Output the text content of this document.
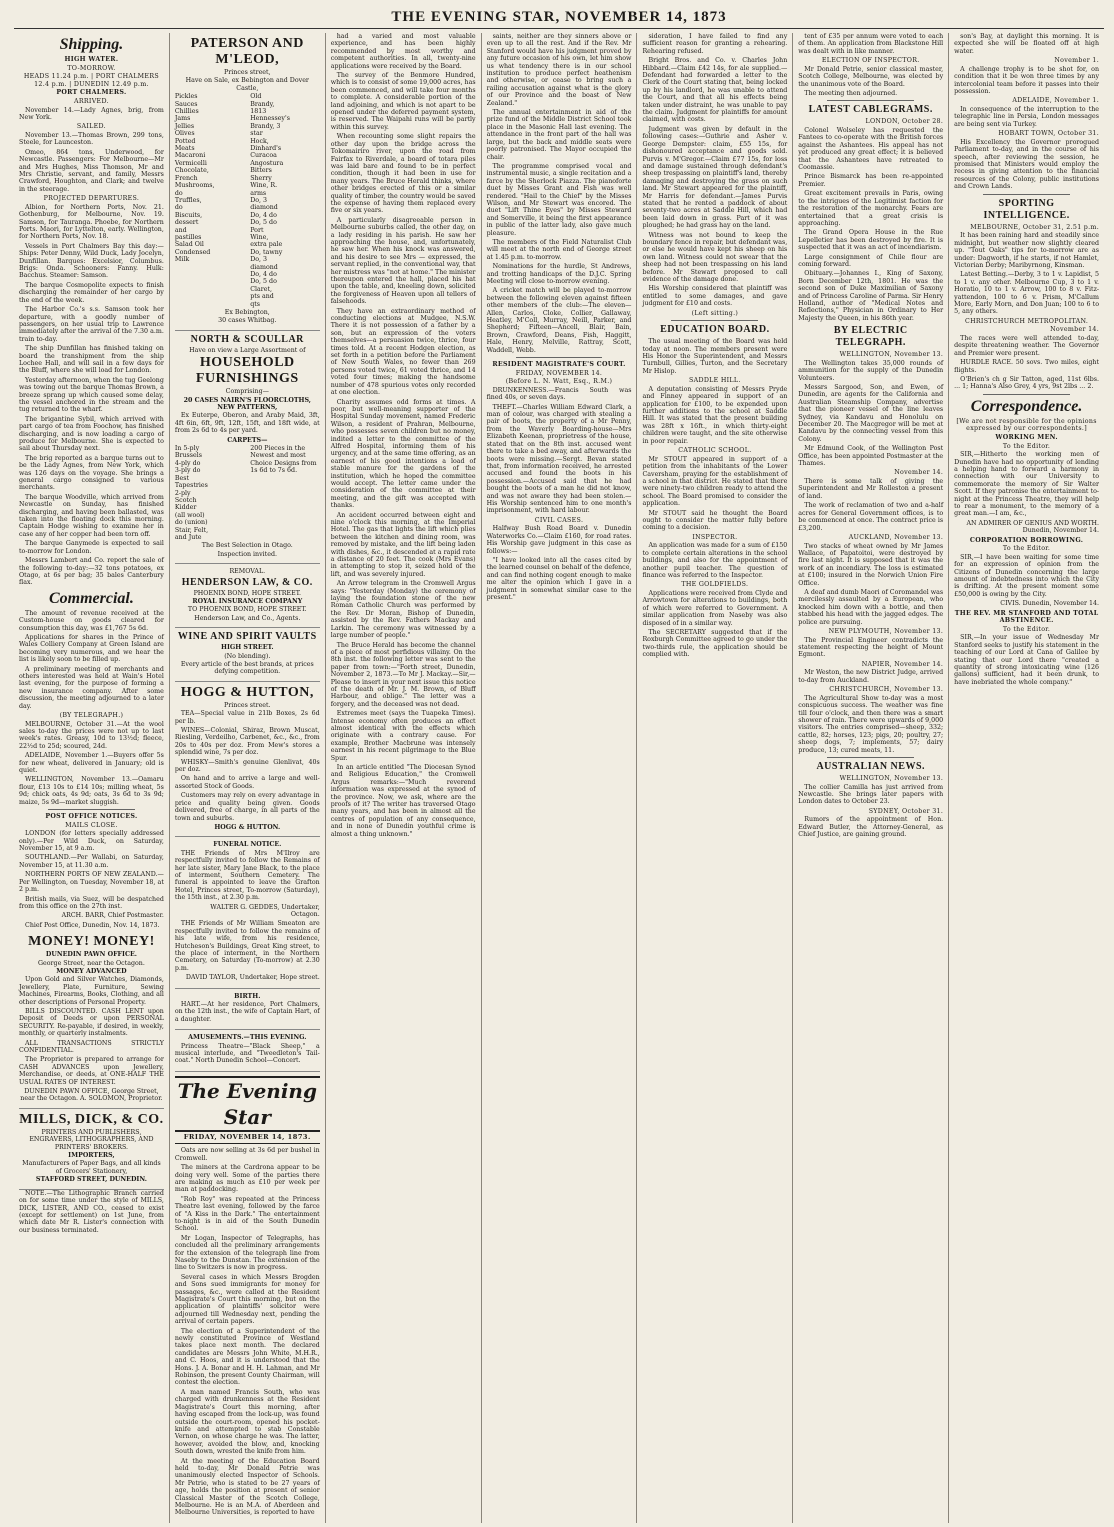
THE EVENING STAR, NOVEMBER 14, 1873
Shipping.
HIGH WATER.
TO-MORROW.
HEADS 11.24 p.m. | PORT CHALMERS 12.4 p.m. | DUNEDIN 12.49 p.m.
PORT CHALMERS.
ARRIVED.

November 14.—Lady Agnes, brig, from New York.

SAILED.

November 13.—Thomas Brown, 299 tons, Steele, for Launceston.

Omeo, 864 tons, Underwood, for Newcastle. Passengers: For Melbourne—Mr and Mrs Hughes, Miss Thomson, Mr and Mrs Christie, servant, and family, Messrs Crawford, Houghton, and Clark; and twelve in the steerage.

PROJECTED DEPARTURES.

Albion, for Northern Ports, Nov. 21. Gothenburg, for Melbourne, Nov. 19. Samson, for Tauranga. Phoebe, for Northern Ports. Maori, for Lyttelton, early. Wellington, for Northern Ports, Nov. 18.

Vessels in Port Chalmers Bay this day:—Ships: Peter Denny, Wild Duck, Lady Jocelyn, Dunfillan. Barques: Excelsior, Columbus. Brigs: Onda. Schooners: Fanny. Hulk: Bacchus. Steamer: Samson.

The barque Cosmopolite expects to finish discharging the remainder of her cargo by the end of the week.

The Harbor Co.'s s.s. Samson took her departure, with a goodly number of passengers, on her usual trip to Lawrence immediately after the arrival of the 7.30 a.m. train to-day.

The ship Dunfillan has finished taking on board the transhipment from the ship Lochee Hall, and will sail in a few days for the Bluff, where she will load for London.

Yesterday afternoon, when the tug Geelong was towing out the barque Thomas Brown, a breeze sprang up which caused some delay, the vessel anchored in the stream and the tug returned to the wharf.

The brigantine Sybil, which arrived with part cargo of tea from Foochow, has finished discharging, and is now loading a cargo of produce for Melbourne. She is expected to sail about Thursday next.

The brig reported as a barque turns out to be the Lady Agnes, from New York, which was 126 days on the voyage. She brings a general cargo consigned to various merchants.

The barque Woodville, which arrived from Newcastle on Sunday, has finished discharging, and having been ballasted, was taken into the floating dock this morning. Captain Hodge wishing to examine her in case any of her copper had been torn off.

The barque Ganymede is expected to sail to-morrow for London.

Messrs Lambert and Co. report the sale of the following to-day:—32 tons potatoes, ex Otago, at 6s per bag; 35 bales Canterbury flax.

Commercial.

The amount of revenue received at the Custom-house on goods cleared for consumption this day, was £1,767 5s 6d.

Applications for shares in the Prince of Wales Colliery Company at Green Island are becoming very numerous, and we hear the list is likely soon to be filled up.

A preliminary meeting of merchants and others interested was held at Wain's Hotel last evening, for the purpose of forming a new insurance company. After some discussion, the meeting adjourned to a later day.

(BY TELEGRAPH.)

MELBOURNE, October 31.—At the wool sales to-day the prices were not up to last week's rates. Greasy, 10d to 13½d; fleece, 22½d to 25d; scoured, 24d.

ADELAIDE, November 1.—Buyers offer 5s for new wheat, delivered in January; old is quiet.

WELLINGTON, November 13.—Oamaru flour, £13 10s to £14 10s; milling wheat, 5s 9d; chick oats, 4s 9d; oats, 3s 6d to 3s 9d; maize, 5s 9d—market sluggish.

POST OFFICE NOTICES.
MAILS CLOSE.

LONDON (for letters specially addressed only).—Per Wild Duck, on Saturday, November 15, at 9 a.m.

SOUTHLAND.—Per Wallabi, on Saturday, November 15, at 11.30 a.m.

NORTHERN PORTS OF NEW ZEALAND.—Per Wellington, on Tuesday, November 18, at 2 p.m.

British mails, via Suez, will be despatched from this office on the 27th inst.

ARCH. BARR, Chief Postmaster.

Chief Post Office, Dunedin, Nov. 14, 1873.

MONEY! MONEY!
DUNEDIN PAWN OFFICE.
George Street, near the Octagon.
MONEY ADVANCED

Upon Gold and Silver Watches, Diamonds, Jewellery, Plate, Furniture, Sewing Machines, Firearms, Books, Clothing, and all other descriptions of Personal Property.

BILLS DISCOUNTED. CASH LENT upon Deposit of Deeds or upon PERSONAL SECURITY. Re-payable, if desired, in weekly, monthly, or quarterly instalments.

ALL TRANSACTIONS STRICTLY CONFIDENTIAL.

The Proprietor is prepared to arrange for CASH ADVANCES upon Jewellery, Merchandise, or deeds, at ONE-HALF THE USUAL RATES OF INTEREST.

DUNEDIN PAWN OFFICE, George Street, near the Octagon. A. SOLOMON, Proprietor.
MILLS, DICK, & CO.
PRINTERS AND PUBLISHERS, ENGRAVERS, LITHOGRAPHERS, AND PRINTERS' BROKERS.
IMPORTERS,
Manufacturers of Paper Bags, and all kinds of Grocers' Stationery,
STAFFORD STREET, DUNEDIN.

NOTE.—The Lithographic Branch carried on for some time under the style of MILLS, DICK, LISTER, AND CO., ceased to exist (except for settlement) on 1st June, from which date Mr R. Lister's connection with our business terminated.

PATERSON AND M'LEOD,
Princes street,
Have on Sale, ex Bebington and Dover Castle,
Pickles
Sauces
Chillies
Jams
Jellies
Olives
Potted Meats
Macaroni
Vermicelli
Chocolate, French
Mushrooms, do
Truffles, do
Biscuits, dessert and
pastilles
Salad Oil
Condensed Milk
Old Brandy, 1813
Hennessey's Brandy, 3
star
Hock, Dinhard's
Curacoa
Angostura Bitters
Sherry Wine, R. arms
Do, 3 diamond
Do, 4 do
Do, 5 do
Port Wine, extra pale
Do, tawny
Do, 3 diamond
Do, 4 do
Do, 5 do
Claret, pts and qts
Ex Bebington,
30 cases Whitbag.
NORTH & SCOULLAR
Have on view a Large Assortment of
HOUSEHOLD FURNISHINGS
Comprising—
20 CASES NAIRN'S FLOORCLOTHS, NEW PATTERNS,

Ex Euterpe, Oberon, and Araby Maid, 3ft, 4ft 6in, 6ft, 9ft, 12ft, 15ft, and 18ft wide, at from 2s 6d to 4s per yard.

CARPETS—
In 5-ply Brussels
4-ply do
3-ply do
Best Tapestries
2-ply Scotch
Kidder (all wool)
do (union)
Stair, Felt, and Jute
200 Pieces in the Newest and most Choice Designs from 1s 6d to 7s 6d.
The Best Selection in Otago.
Inspection invited.
REMOVAL.
HENDERSON LAW, & CO.
PHOENIX BOND, HOPE STREET.
ROYAL INSURANCE COMPANY
TO PHOENIX BOND, HOPE STREET.
Henderson Law, and Co., Agents.
WINE AND SPIRIT VAULTS
HIGH STREET.
(No blending).
Every article of the best brands, at prices defying competition.
HOGG & HUTTON,
Princes street.

TEA—Special value in 21lb Boxes, 2s 6d per lb.

WINES—Colonial, Shiraz, Brown Muscat, Riesling, Verdeilho, Carbenet, &c., &c., from 20s to 40s per doz. From Mew's stores a splendid wine, 7s per doz.

WHISKY—Smith's genuine Glenlivat, 40s per doz.

On hand and to arrive a large and well-assorted Stock of Goods.

Customers may rely on every advantage in price and quality being given. Goods delivered, free of charge, in all parts of the town and suburbs.

HOGG & HUTTON.
FUNERAL NOTICE.

THE Friends of Mrs M'Ilroy are respectfully invited to follow the Remains of her late sister, Mary Jane Black, to the place of interment, Southern Cemetery. The funeral is appointed to leave the Grafton Hotel, Princes street, To-morrow (Saturday), the 15th inst., at 2.30 p.m.

WALTER G. GEDDES, Undertaker, Octagon.

THE Friends of Mr William Smeaton are respectfully invited to follow the remains of his late wife, from his residence, Hutcheson's Buildings, Great King street, to the place of interment, in the Northern Cemetery, on Saturday (To-morrow) at 2.30 p.m.

DAVID TAYLOR, Undertaker, Hope street.

BIRTH.

HART.—At her residence, Port Chalmers, on the 12th inst., the wife of Captain Hart, of a daughter.

AMUSEMENTS.—THIS EVENING.

Princess Theatre—"Black Sheep," a musical interlude, and "Tweedleton's Tail-coat." North Dunedin School—Concert.

The Evening Star
FRIDAY, NOVEMBER 14, 1873.

Oats are now selling at 3s 6d per bushel in Cromwell.

The miners at the Cardrona appear to be doing very well. Some of the parties there are making as much as £10 per week per man at paddocking.

"Rob Roy" was repeated at the Princess Theatre last evening, followed by the farce of "A Kiss in the Dark." The entertainment to-night is in aid of the South Dunedin School.

Mr Logan, Inspector of Telegraphs, has concluded all the preliminary arrangements for the extension of the telegraph line from Naseby to the Dunstan. The extension of the line to Switzers is now in progress.

Several cases in which Messrs Brogden and Sons sued immigrants for money for passages, &c., were called at the Resident Magistrate's Court this morning, but on the application of plaintiffs' solicitor were adjourned till Wednesday next, pending the arrival of certain papers.

The election of a Superintendent of the newly constituted Province of Westland takes place next month. The declared candidates are Messrs John White, M.H.R., and C. Hoos, and it is understood that the Hons. J. A. Bonar and H. H. Lahman, and Mr Robinson, the present County Chairman, will contest the election.

A man named Francis South, who was charged with drunkenness at the Resident Magistrate's Court this morning, after having escaped from the lock-up, was found outside the court-room, opened his pocket-knife and attempted to stab Constable Vernon, on whose charge he was. The latter, however, avoided the blow, and, knocking South down, wrested the knife from him.

At the meeting of the Education Board held to-day, Mr Donald Petrie was unanimously elected Inspector of Schools. Mr Petrie, who is stated to be 27 years of age, holds the position at present of senior Classical Master of the Scotch College, Melbourne. He is an M.A. of Aberdeen and Melbourne Universities, is reported to have

had a varied and most valuable experience, and has been highly recommended by most worthy and competent authorities. In all, twenty-nine applications were received by the Board.

The survey of the Benmore Hundred, which is to consist of some 19,000 acres, has been commenced, and will take four months to complete. A considerable portion of the land adjoining, and which is not apart to be opened under the deferred payment system, is reserved. The Waipahi runs will be partly within this survey.

When recounting some slight repairs the other day upon the bridge across the Tokomairiro river, upon the road from Fairfax to Riverdale, a board of totara piles was laid bare and found to be in perfect condition, though it had been in use for many years. The Bruce Herald thinks, where other bridges erected of this or a similar quality of timber, the country would be saved the expense of having them replaced every five or six years.

A particularly disagreeable person in Melbourne suburbs called, the other day, on a lady residing in his parish. He saw her approaching the house, and, unfortunately, he saw her. When his knock was answered, and his desire to see Mrs — expressed, the servant replied, in the conventional way, that her mistress was "not at home." The minister thereupon entered the hall, placed his hat upon the table, and, kneeling down, solicited the forgiveness of Heaven upon all tellers of falsehoods.

They have an extraordinary method of conducting elections at Mudgee, N.S.W. There it is not possession of a father by a son, but an expression of the voters themselves—a persuasion twice, thrice, four times told. At a recent Hodgen election, as set forth in a petition before the Parliament of New South Wales, no fewer than 269 persons voted twice, 61 voted thrice, and 14 voted four times; making the handsome number of 478 spurious votes only recorded at one election.

Charity assumes odd forms at times. A poor, but well-meaning supporter of the Hospital Sunday movement, named Frederic Wilson, a resident of Prahran, Melbourne, who possesses seven children but no money, indited a letter to the committee of the Alfred Hospital, informing them of his urgency, and at the same time offering, as an earnest of his good intentions a load of stable manure for the gardens of the institution, which he hoped the committee would accept. The letter came under the consideration of the committee at their meeting, and the gift was accepted with thanks.

An accident occurred between eight and nine o'clock this morning, at the Imperial Hotel. The gas that lights the lift which plies between the kitchen and dining room, was removed by mistake, and the lift being laden with dishes, &c., it descended at a rapid rate a distance of 20 feet. The cook (Mrs Evans) in attempting to stop it, seized hold of the lift, and was severely injured.

An Arrow telegram in the Cromwell Argus says: "Yesterday (Monday) the ceremony of laying the foundation stone of the new Roman Catholic Church was performed by the Rev. Dr Moran, Bishop of Dunedin, assisted by the Rev. Fathers Mackay and Larkin. The ceremony was witnessed by a large number of people."

The Bruce Herald has become the channel of a piece of most perfidious villainy. On the 8th inst. the following letter was sent to the paper from town:—"Forth street, Dunedin, November 2, 1873.—To Mr J. Mackay.—Sir,—Please to insert in your next issue this notice of the death of Mr. J. M. Brown, of Bluff Harbour, and oblige." The letter was a forgery, and the deceased was not dead.

Extremes meet (says the Tuapeka Times). Intense economy often produces an effect almost identical with the effects which originate with a contrary cause. For example, Brother Macbrune was intensely earnest in his recent pilgrimage to the Blue Spur.

In an article entitled "The Diocesan Synod and Religious Education," the Cromwell Argus remarks:—"Much reverend information was expressed at the synod of the province. Now, we ask, where are the proofs of it? The writer has traversed Otago many years, and has been in almost all the centres of population of any consequence, and in none of Dunedin youthful crime is almost a thing unknown."

saints, neither are they sinners above or even up to all the rest. And if the Rev. Mr Stanford would have his judgment proved by any future occasion of his own, let him show us what tendency there is in our school institution to produce perfect heathenism and otherwise, or cease to bring such a railing accusation against what is the glory of our Province and the boast of New Zealand."

The annual entertainment in aid of the prize fund of the Middle District School took place in the Masonic Hall last evening. The attendance in the front part of the hall was large, but the back and middle seats were poorly patronised. The Mayor occupied the chair.

The programme comprised vocal and instrumental music, a single recitation and a farce by the Sherlock Piazza. The pianoforte duet by Misses Grant and Fish was well rendered. "Hail to the Chief" by the Misses Wilson, and Mr Stewart was encored. The duet "Lift Thine Eyes" by Misses Steward and Somerville, it being the first appearance in public of the latter lady, also gave much pleasure.

The members of the Field Naturalist Club will meet at the north end of George street at 1.45 p.m. to-morrow.

Nominations for the hurdle, St Andrews, and trotting handicaps of the D.J.C. Spring Meeting will close to-morrow evening.

A cricket match will be played to-morrow between the following eleven against fifteen other members of the club:—The eleven—Allen, Carlos, Cloke, Collier, Gallaway, Heatley, M'Coll, Murray, Neill, Parker, and Shepherd; Fifteen—Ancell, Blair, Bain, Brown, Crawford, Deans, Fish, Haggitt, Hale, Henry, Melville, Rattray, Scott, Waddell, Webb.

RESIDENT MAGISTRATE'S COURT.
FRIDAY, NOVEMBER 14.
(Before L. N. Watt, Esq., R.M.)

DRUNKENNESS.—Francis South was fined 40s, or seven days.

THEFT.—Charles William Edward Clark, a man of colour, was charged with stealing a pair of boots, the property of a Mr Penny, from the Waverly Boarding-house—Mrs Elizabeth Keenan, proprietress of the house, stated that on the 8th inst. accused went there to take a bed away, and afterwards the boots were missing.—Sergt. Bevan stated that, from information received, he arrested accused and found the boots in his possession.—Accused said that he had bought the boots of a man he did not know, and was not aware they had been stolen.—His Worship sentenced him to one month's imprisonment, with hard labour.

CIVIL CASES.

Halfway Bush Road Board v. Dunedin Waterworks Co.—Claim £160, for road rates. His Worship gave judgment in this case as follows:—

"I have looked into all the cases cited by the learned counsel on behalf of the defence, and can find nothing cogent enough to make me alter the opinion which I gave in a judgment in somewhat similar case to the present."

sideration, I have failed to find any sufficient reason for granting a rehearing. Rehearing refused.

Bright Bros. and Co. v. Charles John Hibbard.—Claim £42 14s, for ale supplied.—Defendant had forwarded a letter to the Clerk of the Court stating that, being locked up by his landlord, he was unable to attend the Court, and that all his effects being taken under distraint, he was unable to pay the claim. Judgment for plaintiffs for amount claimed, with costs.

Judgment was given by default in the following cases:—Guthrie and Asher v. George Dempster: claim, £55 15s, for dishonoured acceptance and goods sold. Purvis v. M'Gregor.—Claim £77 15s, for loss and damage sustained through defendant's sheep trespassing on plaintiff's land, thereby damaging and destroying the grass on such land. Mr Stewart appeared for the plaintiff, Mr Harris for defendant.—James Purvis stated that he rented a paddock of about seventy-two acres at Saddle Hill, which had been laid down in grass. Part of it was ploughed; he had grass hay on the land.

Witness was not bound to keep the boundary fence in repair, but defendant was, or else he would have kept his sheep on his own land. Witness could not swear that the sheep had not been trespassing on his land before. Mr Stewart proposed to call evidence of the damage done.

His Worship considered that plaintiff was entitled to some damages, and gave judgment for £10 and costs.

(Left sitting.)
EDUCATION BOARD.

The usual meeting of the Board was held today at noon. The members present were His Honor the Superintendent, and Messrs Turnbull, Gillies, Turton, and the Secretary Mr Hislop.

SADDLE HILL.

A deputation consisting of Messrs Pryde and Finney appeared in support of an application for £100, to be expended upon further additions to the school at Saddle Hill. It was stated that the present building was 28ft x 16ft., in which thirty-eight children were taught, and the site otherwise in poor repair.

CATHOLIC SCHOOL.

Mr STOUT appeared in support of a petition from the inhabitants of the Lower Caversham, praying for the establishment of a school in that district. He stated that there were ninety-two children ready to attend the school. The Board promised to consider the application.

Mr STOUT said he thought the Board ought to consider the matter fully before coming to a decision.

INSPECTOR.

An application was made for a sum of £150 to complete certain alterations in the school buildings, and also for the appointment of another pupil teacher. The question of finance was referred to the Inspector.

THE GOLDFIELDS.

Applications were received from Clyde and Arrowtown for alterations to buildings, both of which were referred to Government. A similar application from Naseby was also disposed of in a similar way.

The SECRETARY suggested that if the Roxburgh Committee agreed to go under the two-thirds rule, the application should be complied with.

tent of £35 per annum were voted to each of them. An application from Blackstone Hill was dealt with in like manner.

ELECTION OF INSPECTOR.

Mr Donald Petrie, senior classical master, Scotch College, Melbourne, was elected by the unanimous vote of the Board.

The meeting then adjourned.

LATEST CABLEGRAMS.
LONDON, October 28.

Colonel Wolseley has requested the Fantees to co-operate with the British forces against the Ashantees. His appeal has not yet produced any great effect; it is believed that the Ashantees have retreated to Coomassie.

Prince Bismarck has been re-appointed Premier.

Great excitement prevails in Paris, owing to the intrigues of the Legitimist faction for the restoration of the monarchy. Fears are entertained that a great crisis is approaching.

The Grand Opera House in the Rue Lepelletier has been destroyed by fire. It is suspected that it was an act of incendiarism.

Large consignment of Chile flour are coming forward.

Obituary.—Johannes I., King of Saxony, Born December 12th, 1801. He was the second son of Duke Maximilian of Saxony and of Princess Caroline of Parma. Sir Henry Holland, author of "Medical Notes and Reflections," Physician in Ordinary to Her Majesty the Queen, in his 86th year.

BY ELECTRIC TELEGRAPH.
WELLINGTON, November 13.

The Wellington takes 35,000 rounds of ammunition for the supply of the Dunedin Volunteers.

Messrs Sargood, Son, and Ewen, of Dunedin, are agents for the California and Australian Steamship Company, advertise that the pioneer vessel of the line leaves Sydney, via Kandavu and Honolulu on December 20. The Macgregor will be met at Kandavu by the connecting vessel from this Colony.

Mr Edmund Cook, of the Wellington Post Office, has been appointed Postmaster at the Thames.

November 14.

There is some talk of giving the Superintendent and Mr Rolleston a present of land.

The work of reclamation of two and a-half acres for General Government offices, is to be commenced at once. The contract price is £3,200.

AUCKLAND, November 13.

Two stacks of wheat owned by Mr James Wallace, of Papatoitoi, were destroyed by fire last night. It is supposed that it was the work of an incendiary. The loss is estimated at £100; insured in the Norwich Union Fire Office.

A deaf and dumb Maori of Coromandel was mercilessly assaulted by a European, who knocked him down with a bottle, and then stabbed his head with the jagged edges. The police are pursuing.

NEW PLYMOUTH, November 13.

The Provincial Engineer contradicts the statement respecting the height of Mount Egmont.

NAPIER, November 14.

Mr Weston, the new District Judge, arrived to-day from Auckland.

CHRISTCHURCH, November 13.

The Agricultural Show to-day was a most conspicuous success. The weather was fine till four o'clock, and then there was a smart shower of rain. There were upwards of 9,000 visitors. The entries comprised—sheep, 332; cattle, 82; horses, 123; pigs, 20; poultry, 27; sheep dogs, 7; implements, 57; dairy produce, 13; cured meats, 11.

AUSTRALIAN NEWS.
WELLINGTON, November 13.

The collier Camilla has just arrived from Newcastle. She brings later papers with London dates to October 23.

SYDNEY, October 31.

Rumors of the appointment of Hon. Edward Butler, the Attorney-General, as Chief Justice, are gaining ground.

son's Bay, at daylight this morning. It is expected she will be floated off at high water.

November 1.

A challenge trophy is to be shot for, on condition that it be won three times by any intercolonial team before it passes into their possession.

ADELAIDE, November 1.

In consequence of the interruption to the telegraphic line in Persia, London messages are being sent via Turkey.

HOBART TOWN, October 31.

His Excellency the Governor prorogued Parliament to-day, and in the course of his speech, after reviewing the session, he promised that Ministers would employ the recess in giving attention to the financial resources of the Colony, public institutions and Crown Lands.

SPORTING INTELLIGENCE.
MELBOURNE, October 31, 2.51 p.m.

It has been raining hard and steadily since midnight, but weather now slightly cleared up. "Tout Oaks" tips for to-morrow are as under: Dagworth, if he starts, if not Hamlet, Victorian Derby; Maribyrnong, Kinsman.

Latest Betting.—Derby, 3 to 1 v. Lapidist, 5 to 1 v. any other. Melbourne Cup, 3 to 1 v. Horatio, 10 to 1 v. Arrow, 100 to 8 v. Fitz-yattendon, 100 to 6 v. Prism, M'Callum More, Early Morn, and Don Juan; 100 to 6 to 5, any others.

CHRISTCHURCH METROPOLITAN.
November 14.

The races were well attended to-day, despite threatening weather. The Governor and Premier were present.

HURDLE RACE. 50 sovs. Two miles, eight flights.

O'Brien's ch g Sir Tatton, aged, 11st 6lbs. ... 1; Hanna's Also Grey, 4 yrs, 9st 2lbs ... 2.

Correspondence.
[We are not responsible for the opinions expressed by our correspondents.]
WORKING MEN.
To the Editor.

SIR,—Hitherto the working men of Dunedin have had no opportunity of lending a helping hand to forward a harmony in connection with our University to commemorate the memory of Sir Walter Scott. If they patronise the entertainment to-night at the Princess Theatre, they will help to rear a monument, to the memory of a great man.—I am, &c.,

AN ADMIRER OF GENIUS AND WORTH. Dunedin, November 14.

CORPORATION BORROWING.
To the Editor.

SIR,—I have been waiting for some time for an expression of opinion from the Citizens of Dunedin concerning the large amount of indebtedness into which the City is drifting. At the present moment some £50,000 is owing by the City.

CIVIS. Dunedin, November 14.

THE REV. MR STANFORD AND TOTAL ABSTINENCE.
To the Editor.

SIR,—In your issue of Wednesday Mr Stanford seeks to justify his statement in the teaching of our Lord at Cana of Galilee by stating that our Lord there "created a quantity of strong intoxicating wine (126 gallons) sufficient, had it been drunk, to have inebriated the whole company."
